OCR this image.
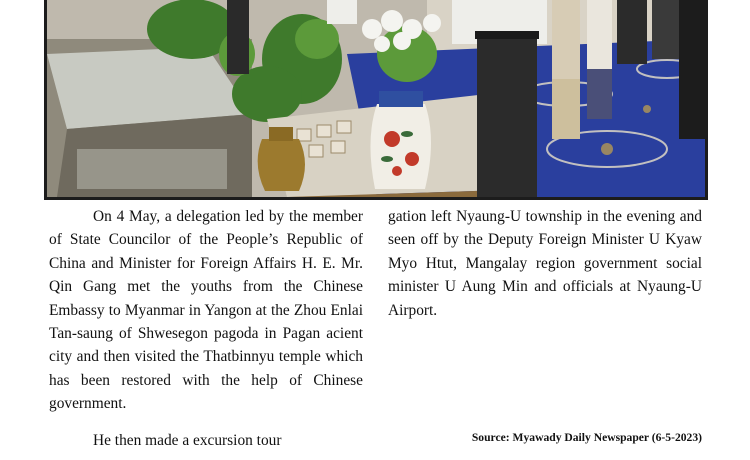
On 4 May, a delegation led by the member of State Councilor of the People’s Republic of China and Minister for Foreign Affairs H. E. Mr. Qin Gang met the youths from the Chinese Embassy to Myanmar in Yangon at the Zhou Enlai Tan-saung of Shwesegon pagoda in Pagan acient city and then visited the Thatbinnyu temple which has been restored with the help of Chinese government.

He then made a excursion tour

gation left Nyaung-U township in the evening and seen off by the Deputy Foreign Minister U Kyaw Myo Htut, Mangalay region government social minister U Aung Min and officials at Nyaung-U Airport.

Source: Myawady Daily Newspaper (6-5-2023)
